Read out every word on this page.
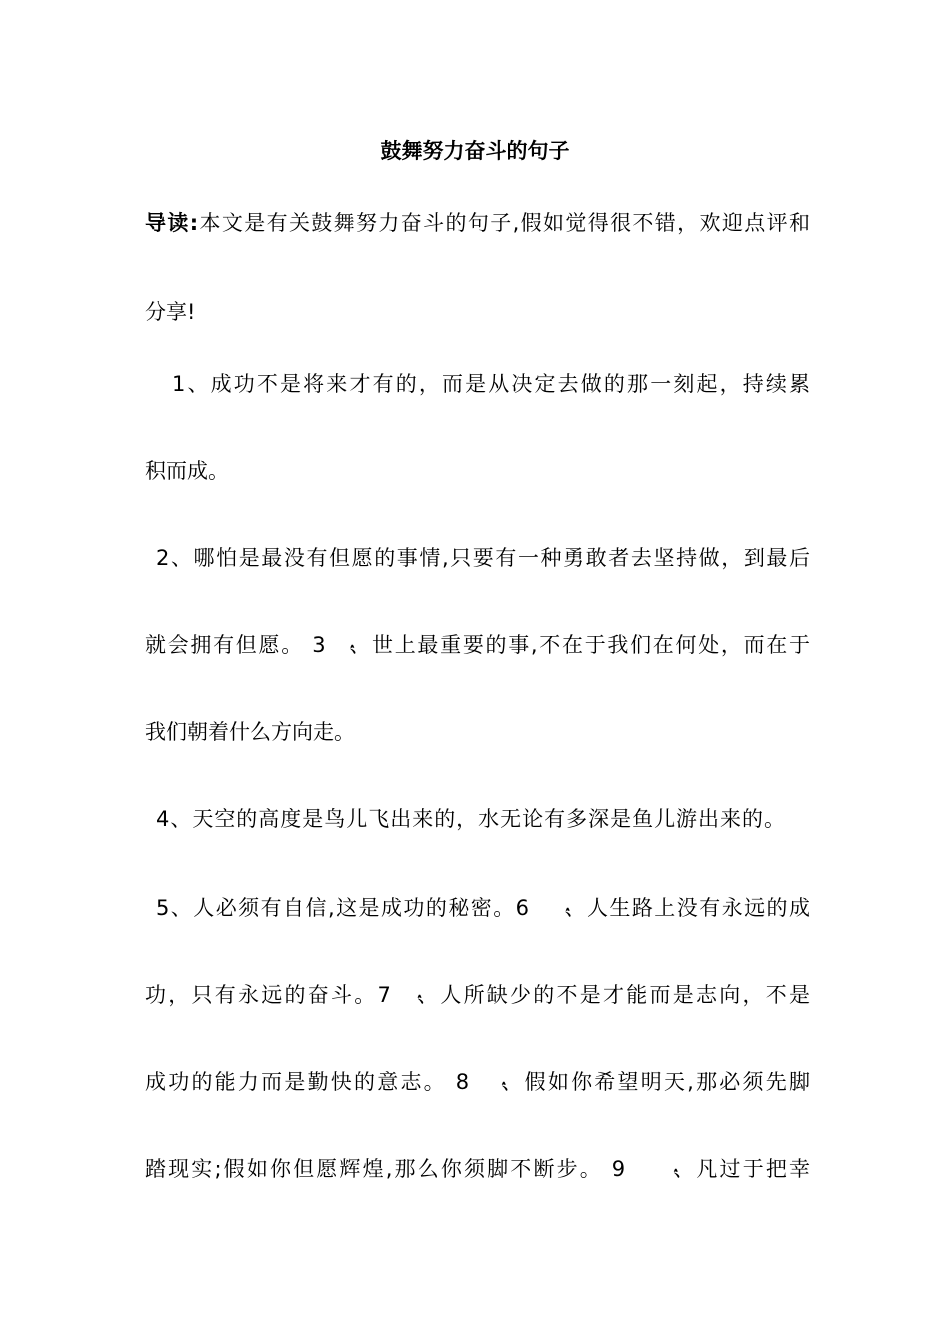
鼓舞努力奋斗的句子
导读:本文是有关鼓舞努力奋斗的句子,假如觉得很不错，欢迎点评和
分享!
1、成功不是将来才有的，而是从决定去做的那一刻起，持续累
积而成。
2、哪怕是最没有但愿的事情,只要有一种勇敢者去坚持做，到最后
就会拥有但愿。 3 、世上最重要的事,不在于我们在何处，而在于
我们朝着什么方向走。
4、天空的高度是鸟儿飞出来的，水无论有多深是鱼儿游出来的。
5、人必须有自信,这是成功的秘密。6 、人生路上没有永远的成
功，只有永远的奋斗。7 、人所缺少的不是才能而是志向，不是
成功的能力而是勤快的意志。 8 、假如你希望明天,那必须先脚
踏现实;假如你但愿辉煌,那么你须脚不断步。 9 、凡过于把幸
